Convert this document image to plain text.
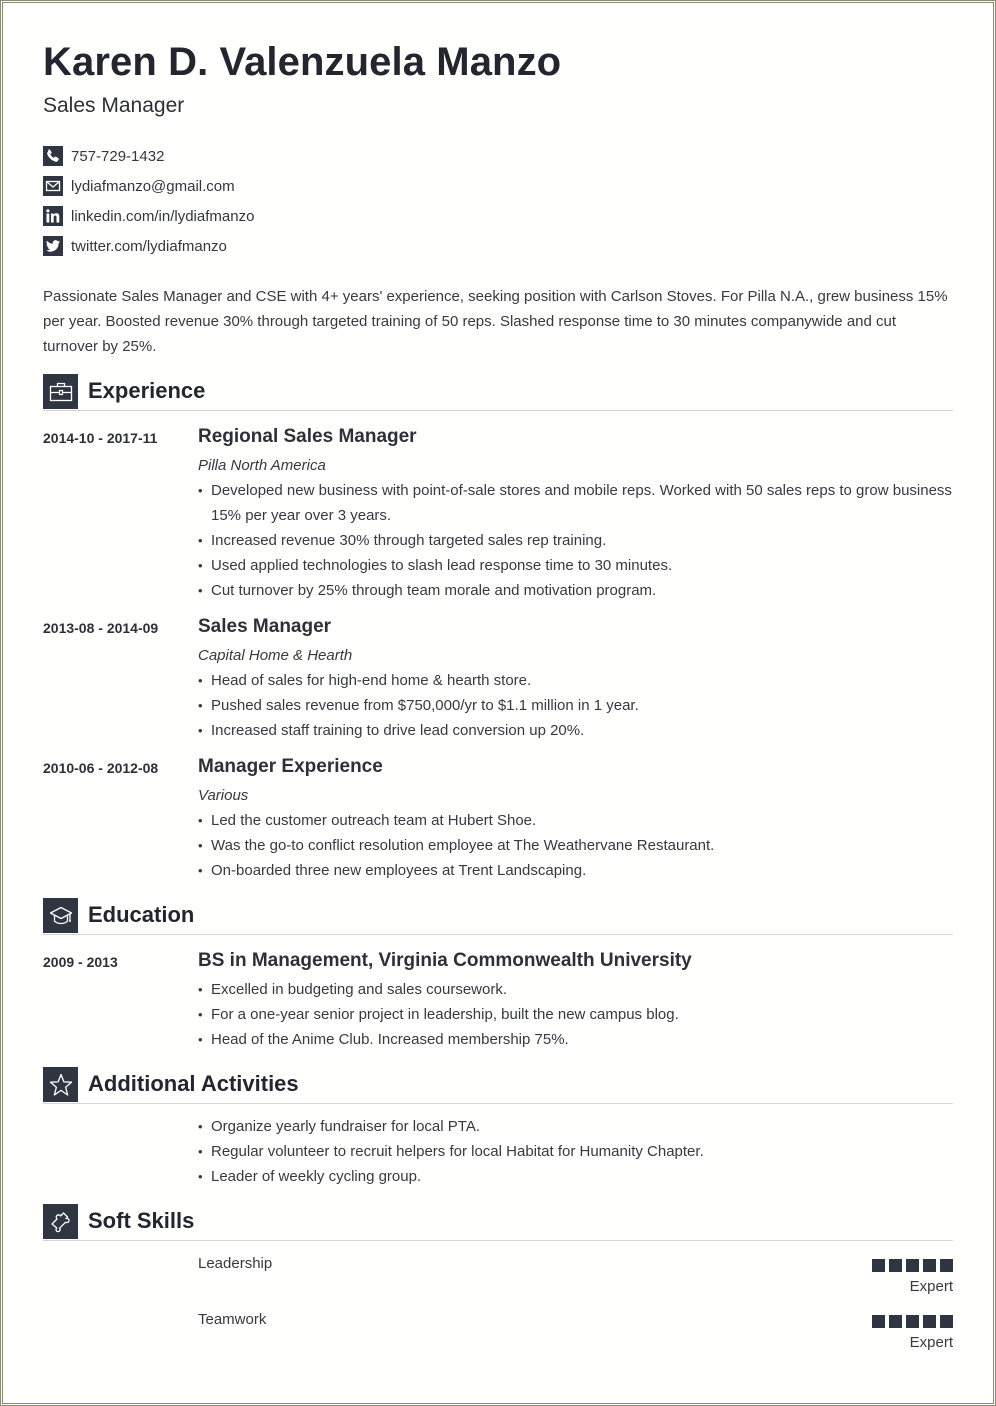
Karen D. Valenzuela Manzo
Sales Manager
757-729-1432
lydiafmanzo@gmail.com
linkedin.com/in/lydiafmanzo
twitter.com/lydiafmanzo
Passionate Sales Manager and CSE with 4+ years' experience, seeking position with Carlson Stoves. For Pilla N.A., grew business 15% per year. Boosted revenue 30% through targeted training of 50 reps. Slashed response time to 30 minutes companywide and cut turnover by 25%.
Experience
2014-10 - 2017-11 Regional Sales Manager
Pilla North America
• Developed new business with point-of-sale stores and mobile reps. Worked with 50 sales reps to grow business 15% per year over 3 years.
• Increased revenue 30% through targeted sales rep training.
• Used applied technologies to slash lead response time to 30 minutes.
• Cut turnover by 25% through team morale and motivation program.
2013-08 - 2014-09 Sales Manager
Capital Home & Hearth
• Head of sales for high-end home & hearth store.
• Pushed sales revenue from $750,000/yr to $1.1 million in 1 year.
• Increased staff training to drive lead conversion up 20%.
2010-06 - 2012-08 Manager Experience
Various
• Led the customer outreach team at Hubert Shoe.
• Was the go-to conflict resolution employee at The Weathervane Restaurant.
• On-boarded three new employees at Trent Landscaping.
Education
2009 - 2013	BS in Management, Virginia Commonwealth University
• Excelled in budgeting and sales coursework.
• For a one-year senior project in leadership, built the new campus blog.
• Head of the Anime Club. Increased membership 75%.
Additional Activities
• Organize yearly fundraiser for local PTA.
• Regular volunteer to recruit helpers for local Habitat for Humanity Chapter.
• Leader of weekly cycling group.
Soft Skills
Leadership
Expert
Teamwork
Expert
